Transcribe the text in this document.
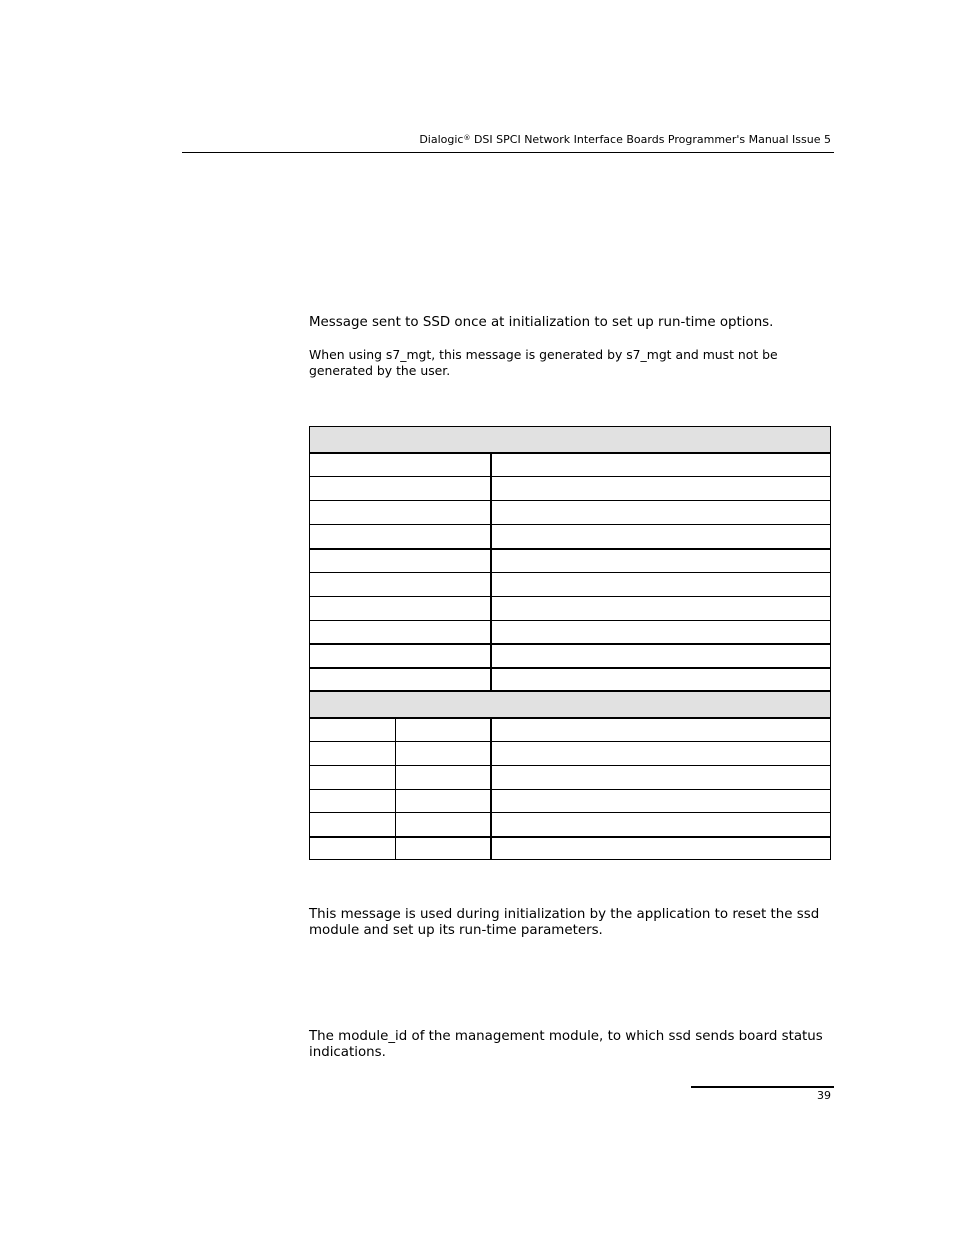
Dialogic® DSI SPCI Network Interface Boards Programmer's Manual Issue 5

Message sent to SSD once at initialization to set up run-time options.

When using s7_mgt, this message is generated by s7_mgt and must not be generated by the user.

This message is used during initialization by the application to reset the ssd module and set up its run-time parameters.

The module_id of the management module, to which ssd sends board status indications.

39
